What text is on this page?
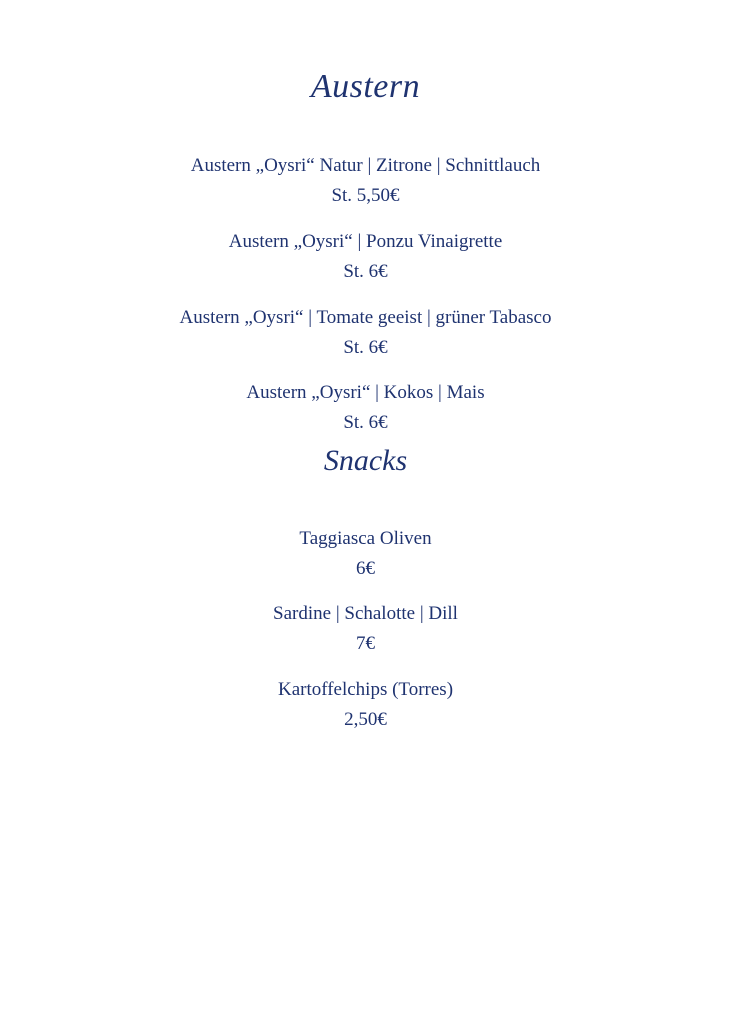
Austern
Austern „Oysri“ Natur | Zitrone | Schnittlauch
St. 5,50€
Austern „Oysri“ | Ponzu Vinaigrette
St. 6€
Austern „Oysri“ | Tomate geeist | grüner Tabasco
St. 6€
Austern „Oysri“ | Kokos | Mais
St. 6€
Snacks
Taggiasca Oliven
6€
Sardine | Schalotte | Dill
7€
Kartoffelchips (Torres)
2,50€
